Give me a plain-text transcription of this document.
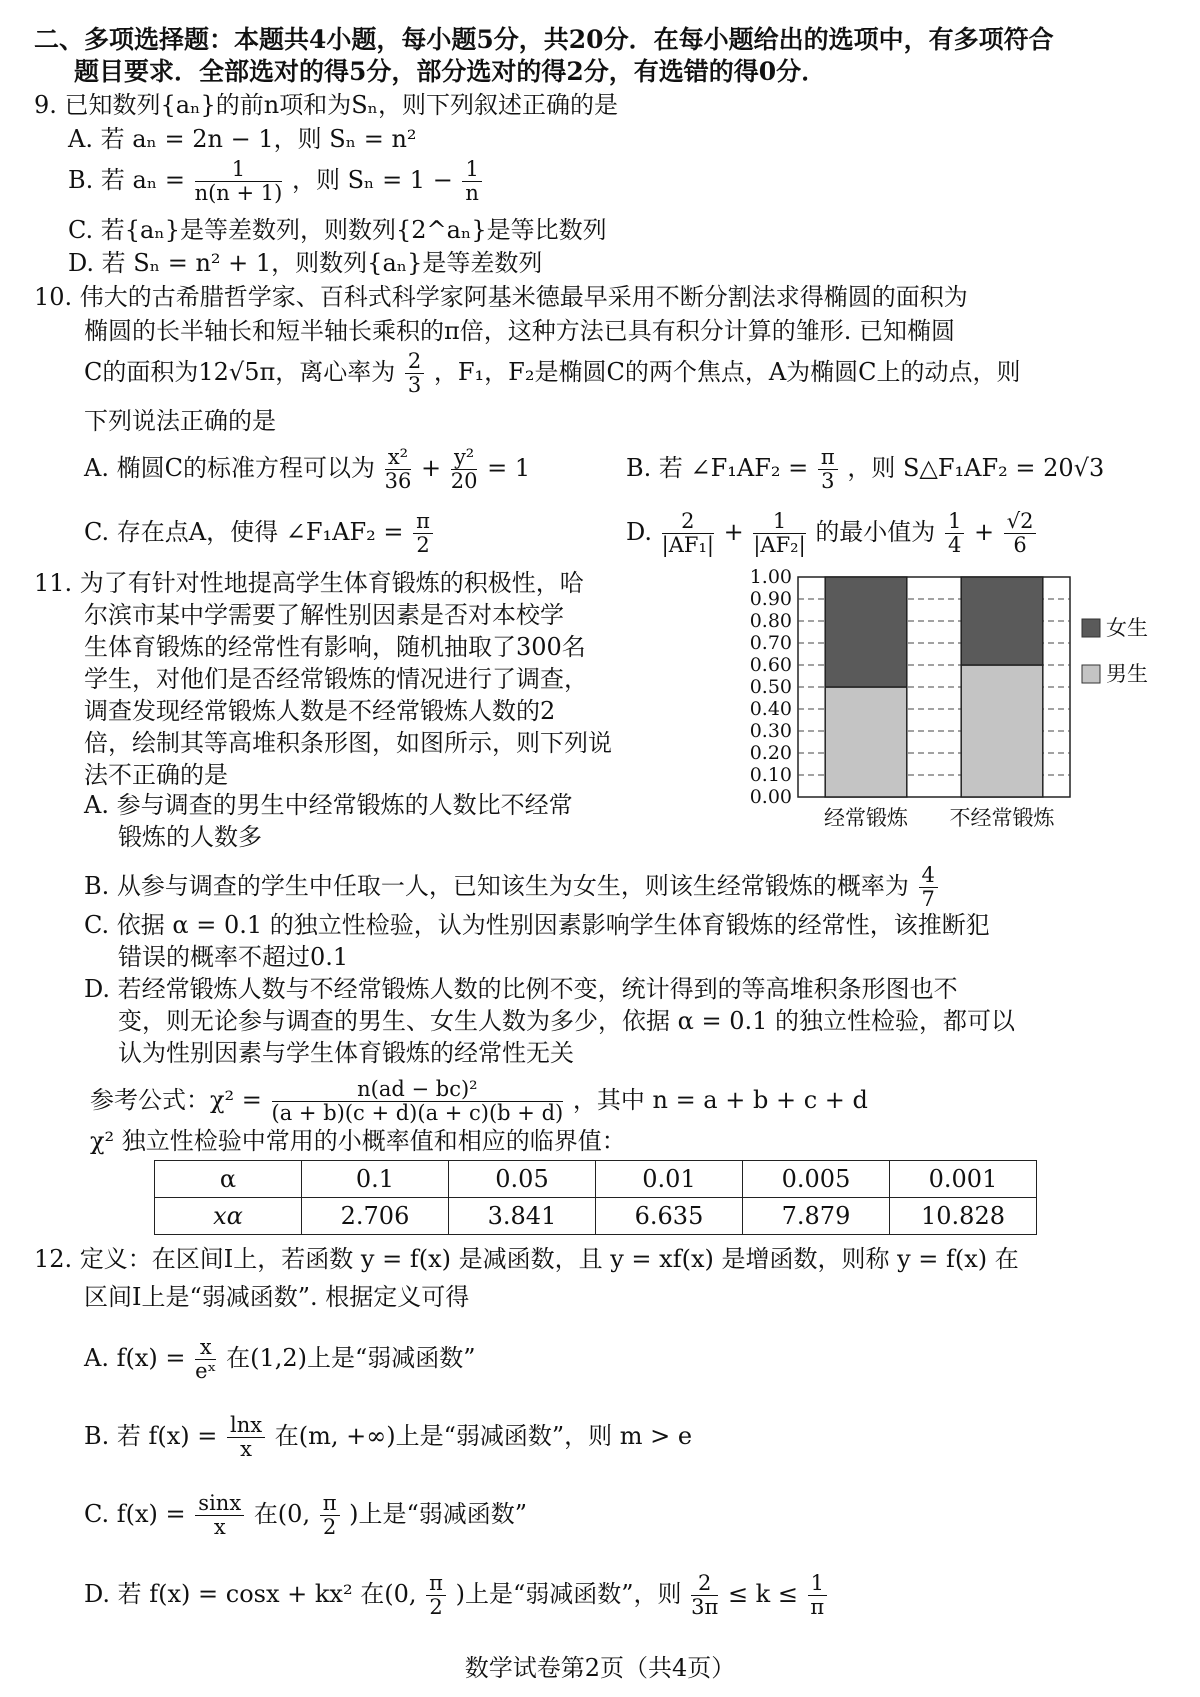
二、多项选择题：本题共4小题，每小题5分，共20分．在每小题给出的选项中，有多项符合
题目要求．全部选对的得5分，部分选对的得2分，有选错的得0分．
9. 已知数列{aₙ}的前n项和为Sₙ，则下列叙述正确的是
A. 若 aₙ = 2n − 1，则 Sₙ = n²
B. 若 $a_n = \frac{1}{n(n + 1)}$ ，则 $S_n = 1 - \frac{1}{n}$
C. 若{aₙ}是等差数列，则数列{2^aₙ}是等比数列
D. 若 Sₙ = n² + 1，则数列{aₙ}是等差数列
10. 伟大的古希腊哲学家、百科式科学家阿基米德最早采用不断分割法求得椭圆的面积为
椭圆的长半轴长和短半轴长乘积的π倍，这种方法已具有积分计算的雏形. 已知椭圆
C的面积为12√5π，离心率为 $\frac{2}{3}$ ，F₁，F₂是椭圆C的两个焦点，A为椭圆C上的动点，则
下列说法正确的是
A. 椭圆C的标准方程可以为 $\frac{\text{x²}}{36} + \frac{\text{y²}}{20} = 1$	B. 若 ∠F₁AF₂ = $\frac{\pi}{3}$ ，则 S△F₁AF₂ = 20√3
C. 存在点A，使得 ∠F₁AF₂ = $\frac{\pi}{2}$	D. $\frac{2}{\text{|AF₁|}} + \frac{1}{\text{|AF₂|}}$ 的最小值为 $\frac{1}{4} + \frac{√2}{6}$
11. 为了有针对性地提高学生体育锻炼的积极性，哈
尔滨市某中学需要了解性别因素是否对本校学
生体育锻炼的经常性有影响，随机抽取了300名
学生，对他们是否经常锻炼的情况进行了调查，
调查发现经常锻炼人数是不经常锻炼人数的2
倍，绘制其等高堆积条形图，如图所示，则下列说
法不正确的是
A. 参与调查的男生中经常锻炼的人数比不经常
锻炼的人数多
0.00
0.10
0.20
0.30
0.40
0.50
0.60
0.70
0.80
0.90
1.00
经常锻炼 不经常锻炼
女生
男生
B. 从参与调查的学生中任取一人，已知该生为女生，则该生经常锻炼的概率为 $\frac{4}{7}$
C. 依据 α = 0.1 的独立性检验，认为性别因素影响学生体育锻炼的经常性，该推断犯
错误的概率不超过0.1
D. 若经常锻炼人数与不经常锻炼人数的比例不变，统计得到的等高堆积条形图也不
变，则无论参与调查的男生、女生人数为多少，依据 α = 0.1 的独立性检验，都可以
认为性别因素与学生体育锻炼的经常性无关
参考公式：$\chi^2 = \frac{\text{n(ad − bc)²}}{(a + b)(c + d)(a + c)(b + d)}$ ，其中 n = a + b + c + d
χ² 独立性检验中常用的小概率值和相应的临界值：
α	0.1	0.05	0.01	0.005	0.001
xα	2.706	3.841	6.635	7.879	10.828
12. 定义：在区间I上，若函数 y = f(x) 是减函数，且 y = xf(x) 是增函数，则称 y = f(x) 在
区间I上是“弱减函数”. 根据定义可得
A. $f(x) = \frac{x}{\text{eˣ}}$ 在(1,2)上是“弱减函数”
B. 若 $f(x) = \frac{\ln x}{x}$ 在(m, +∞)上是“弱减函数”，则 m > e
C. $f(x) = \frac{\sin x}{x}$ 在(0, $\frac{\pi}{2}$ )上是“弱减函数”
D. 若 f(x) = cosx + kx² 在(0, $\frac{\pi}{2}$ )上是“弱减函数”，则 $\frac{2}{3\pi} \le k \le \frac{1}{\pi}$
数学试卷第2页（共4页）
